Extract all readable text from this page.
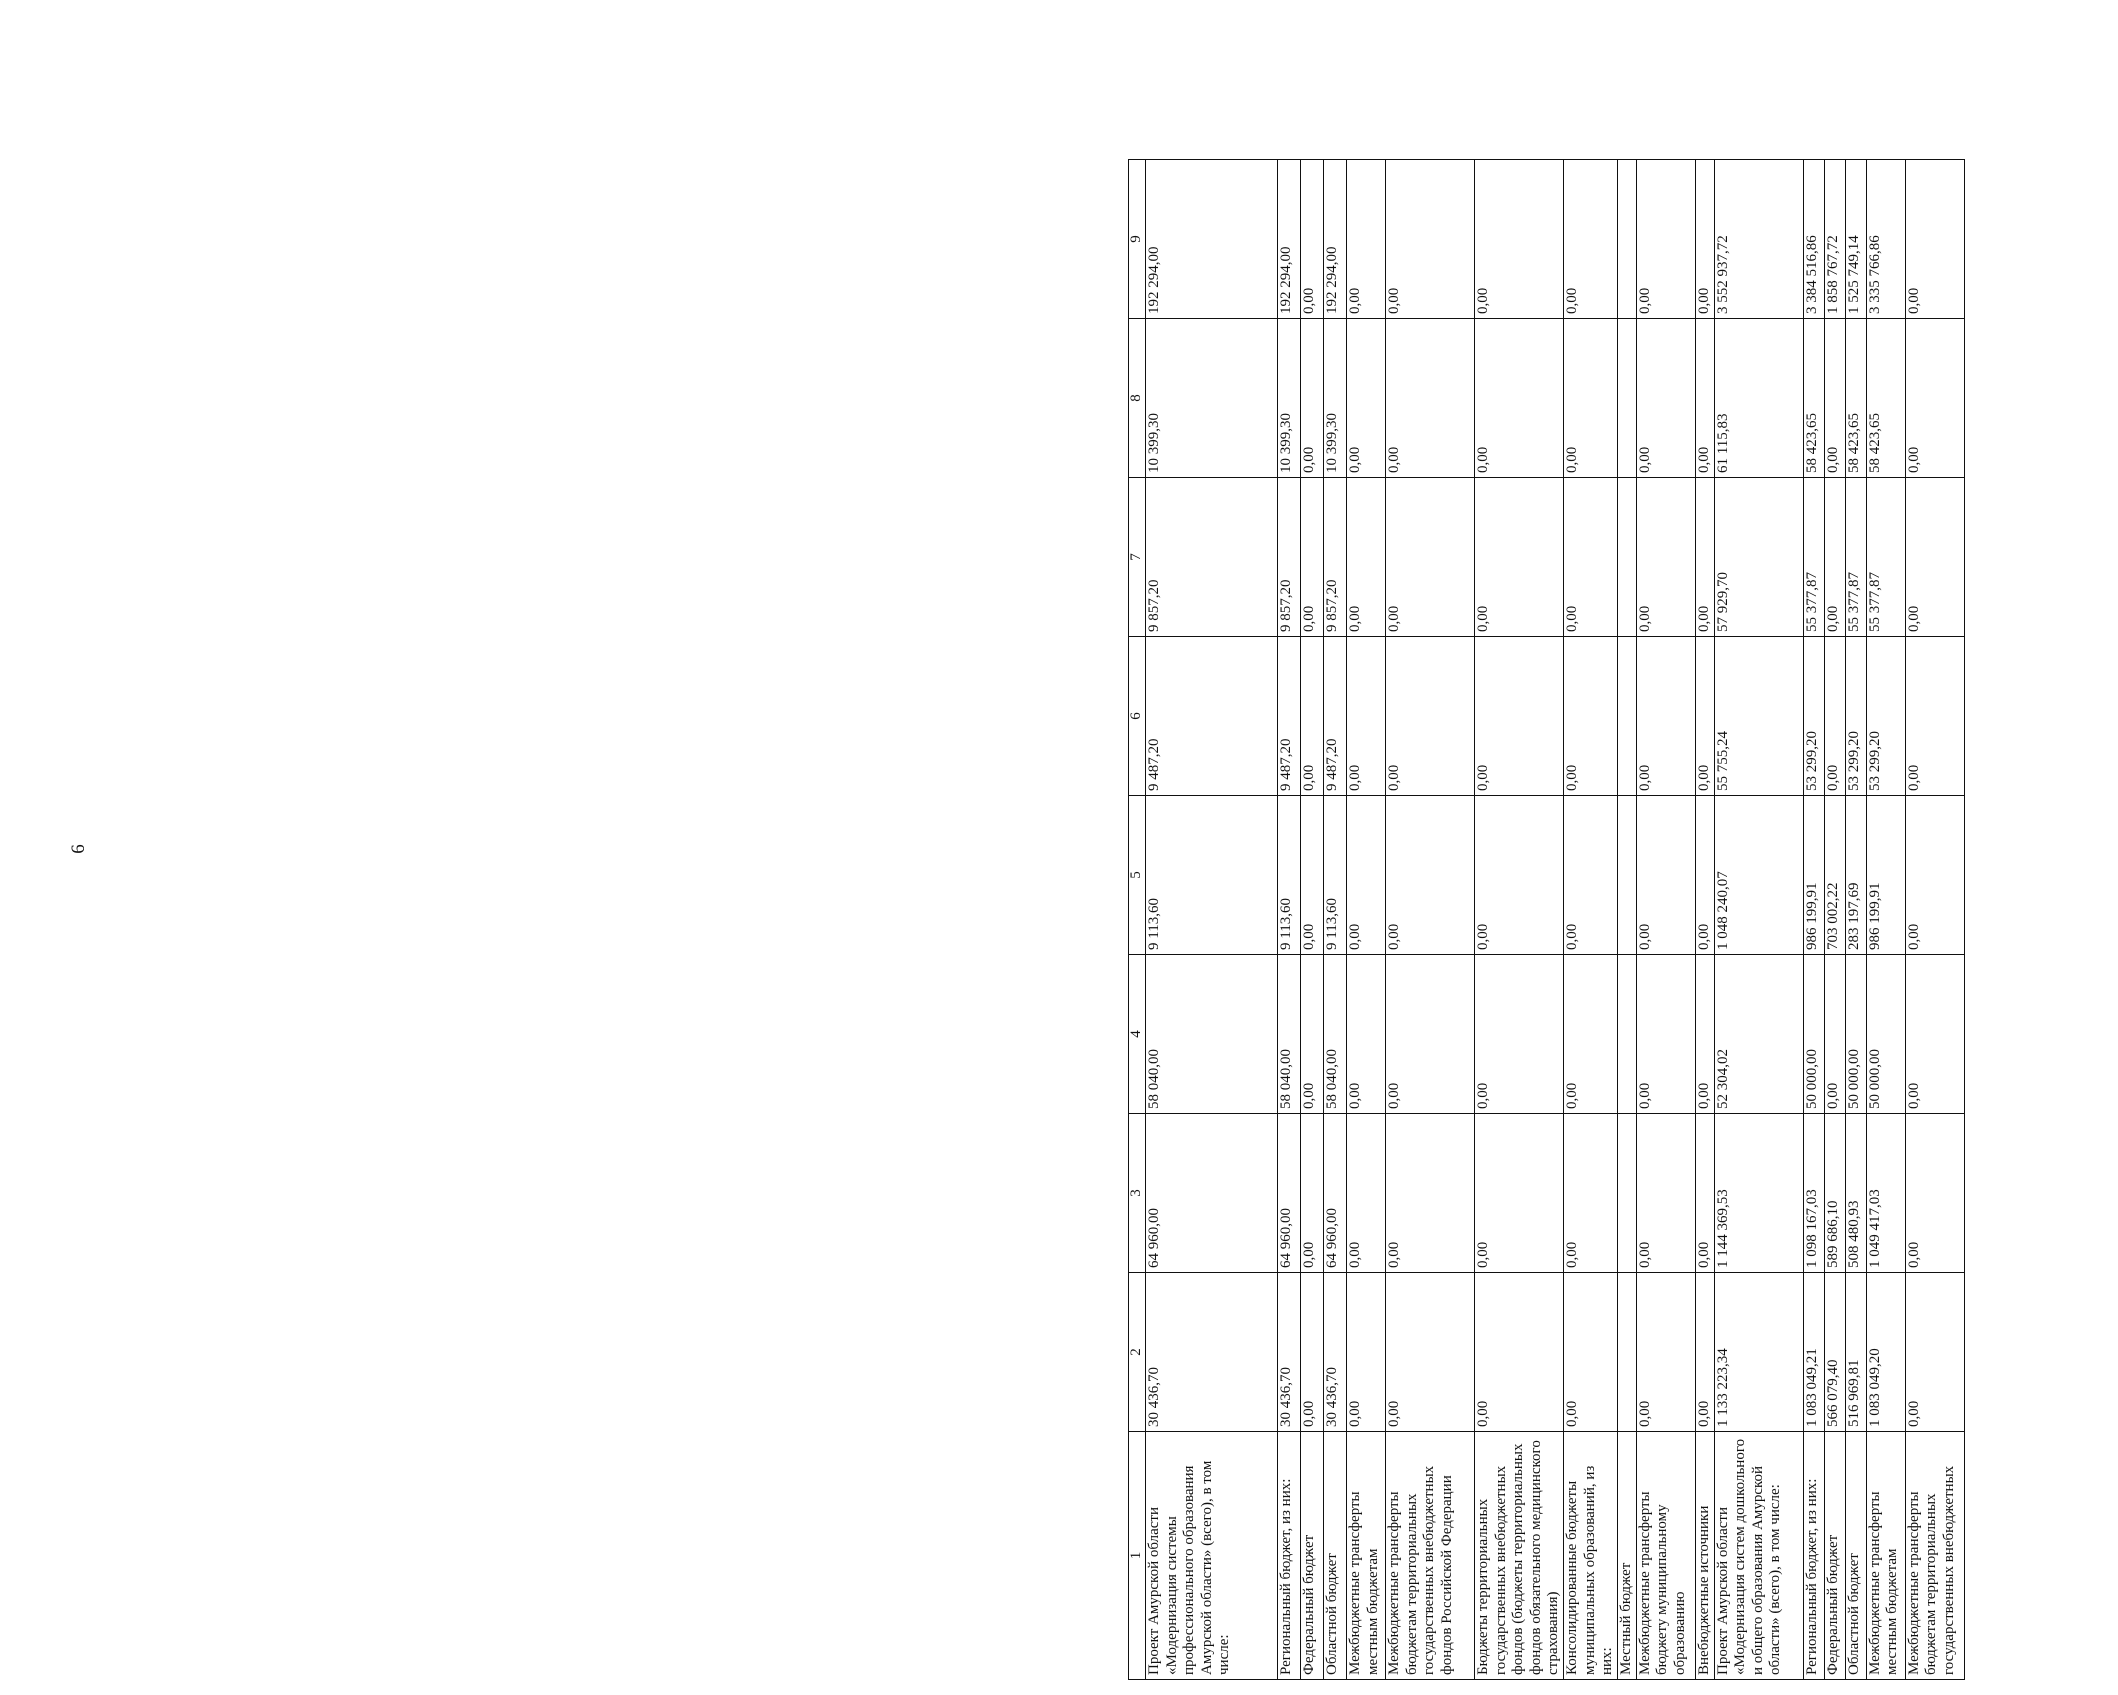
6
1	2	3	4	5	6	7	8	9
Проект Амурской области «Модернизация системы профессионального образования Амурской области» (всего), в том числе:	30 436,70	64 960,00	58 040,00	9 113,60	9 487,20	9 857,20	10 399,30	192 294,00
Региональный бюджет, из них:	30 436,70	64 960,00	58 040,00	9 113,60	9 487,20	9 857,20	10 399,30	192 294,00
Федеральный бюджет	0,00	0,00	0,00	0,00	0,00	0,00	0,00	0,00
Областной бюджет	30 436,70	64 960,00	58 040,00	9 113,60	9 487,20	9 857,20	10 399,30	192 294,00
Межбюджетные трансферты местным бюджетам	0,00	0,00	0,00	0,00	0,00	0,00	0,00	0,00
Межбюджетные трансферты бюджетам территориальных государственных внебюджетных фондов Российской Федерации	0,00	0,00	0,00	0,00	0,00	0,00	0,00	0,00
Бюджеты территориальных государственных внебюджетных фондов (бюджеты территориальных фондов обязательного медицинского страхования)	0,00	0,00	0,00	0,00	0,00	0,00	0,00	0,00
Консолидированные бюджеты муниципальных образований, из них:	0,00	0,00	0,00	0,00	0,00	0,00	0,00	0,00
Местный бюджет								
Межбюджетные трансферты бюджету муниципальному образованию	0,00	0,00	0,00	0,00	0,00	0,00	0,00	0,00
Внебюджетные источники	0,00	0,00	0,00	0,00	0,00	0,00	0,00	0,00
Проект Амурской области «Модернизация систем дошкольного и общего образования Амурской области» (всего), в том числе:	1 133 223,34	1 144 369,53	52 304,02	1 048 240,07	55 755,24	57 929,70	61 115,83	3 552 937,72
Региональный бюджет, из них:	1 083 049,21	1 098 167,03	50 000,00	986 199,91	53 299,20	55 377,87	58 423,65	3 384 516,86
Федеральный бюджет	566 079,40	589 686,10	0,00	703 002,22	0,00	0,00	0,00	1 858 767,72
Областной бюджет	516 969,81	508 480,93	50 000,00	283 197,69	53 299,20	55 377,87	58 423,65	1 525 749,14
Межбюджетные трансферты местным бюджетам	1 083 049,20	1 049 417,03	50 000,00	986 199,91	53 299,20	55 377,87	58 423,65	3 335 766,86
Межбюджетные трансферты бюджетам территориальных государственных внебюджетных	0,00	0,00	0,00	0,00	0,00	0,00	0,00	0,00
